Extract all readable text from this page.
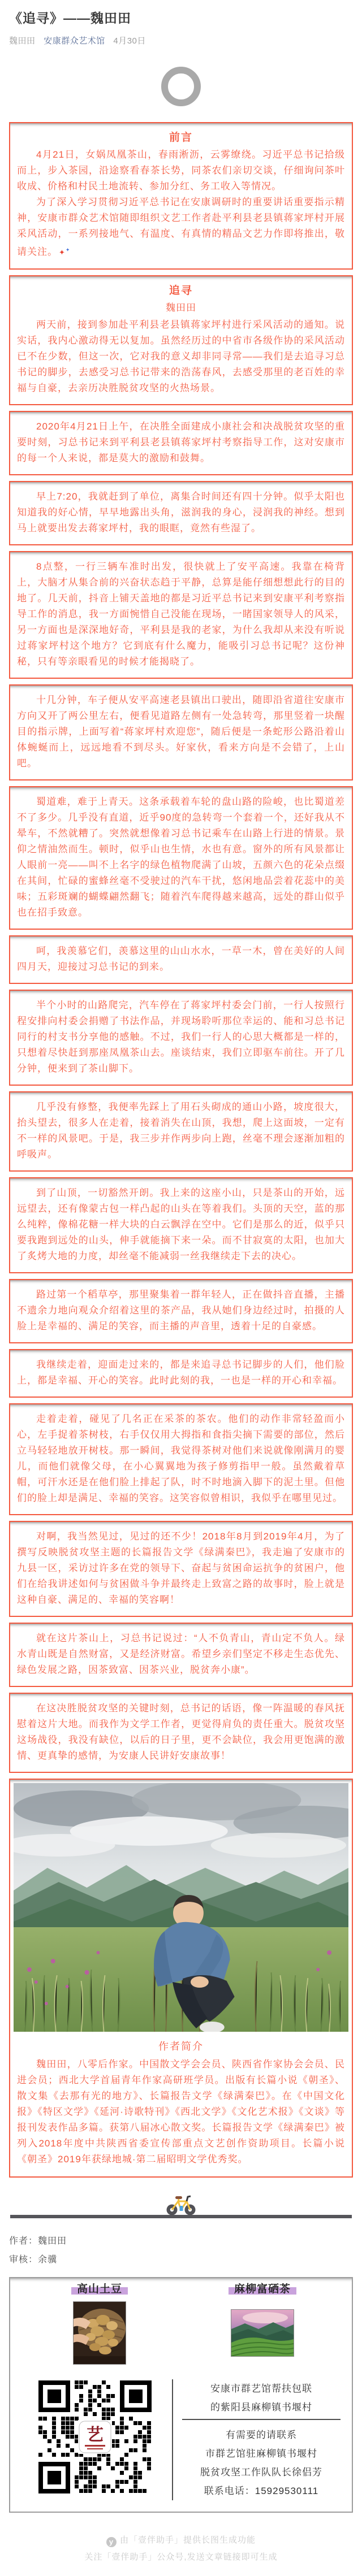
《追寻》——魏田田
魏田田 安康群众艺术馆 4月30日
前言

4月21日，女娲凤凰茶山，春雨淅沥，云雾缭绕。习近平总书记拾级而上，步入茶园，沿途察看春茶长势，同茶农们亲切交谈，仔细询问茶叶收成、价格和村民土地流转、参加分红、务工收入等情况。

为了深入学习贯彻习近平总书记在安康调研时的重要讲话重要指示精神，安康市群众艺术馆随即组织文艺工作者赴平利县老县镇蒋家坪村开展采风活动，一系列接地气、有温度、有真情的精品文艺力作即将推出，敬请关注。 ✦✦

追寻

魏田田

两天前，接到参加赴平利县老县镇蒋家坪村进行采风活动的通知。说实话，我内心激动得无以复加。虽然经历过的中省市各级作协的采风活动已不在少数，但这一次，它对我的意义却非同寻常——我们是去追寻习总书记的脚步，去感受习总书记带来的浩荡春风，去感受那里的老百姓的幸福与自豪，去亲历决胜脱贫攻坚的火热场景。

2020年4月21日上午，在决胜全面建成小康社会和决战脱贫攻坚的重要时刻，习总书记来到平利县老县镇蒋家坪村考察指导工作，这对安康市的每一个人来说，都是莫大的激励和鼓舞。

早上7:20，我就赶到了单位，离集合时间还有四十分钟。似乎太阳也知道我的好心情，早早地露出头角，滋润我的身心，浸润我的神经。想到马上就要出发去蒋家坪村，我的眼眶，竟然有些湿了。

8点整，一行三辆车准时出发，很快就上了安平高速。我靠在椅背上，大脑才从集合前的兴奋状态趋于平静，总算是能仔细想想此行的目的地了。几天前，抖音上铺天盖地的都是习近平总书记来到安康平利考察指导工作的消息，我一方面惋惜自己没能在现场，一睹国家领导人的风采，另一方面也是深深地好奇，平利县是我的老家，为什么我却从来没有听说过蒋家坪村这个地方？它到底有什么魔力，能吸引习总书记呢？这份神秘，只有等亲眼看见的时候才能揭晓了。

十几分钟，车子便从安平高速老县镇出口驶出，随即沿省道往安康市方向又开了两公里左右，便看见道路左侧有一处急转弯，那里竖着一块醒目的指示牌，上面写着“蒋家坪村欢迎您”，随后便是一条蛇形公路沿着山体蜿蜒而上，远远地看不到尽头。好家伙，看来方向是不会错了，上山吧。

蜀道难，难于上青天。这条承载着车轮的盘山路的险峻，也比蜀道差不了多少。几乎没有直道，近乎90度的急转弯一个套着一个，还好我从不晕车，不然就糟了。突然就想像着习总书记乘车在山路上行进的情景。景仰之情油然而生。顿时，似乎山也生情，水也有意。窗外的所有风景都让人眼前一亮——叫不上名字的绿色植物爬满了山坡，五颜六色的花朵点缀在其间，忙碌的蜜蜂丝毫不受驶过的汽车干扰，悠闲地品尝着花蕊中的美味；五彩斑斓的蝴蝶翩然翻飞；随着汽车爬得越来越高，远处的群山似乎也在招手致意。

呵，我羡慕它们，羡慕这里的山山水水，一草一木，曾在美好的人间四月天，迎接过习总书记的到来。

半个小时的山路爬完，汽车停在了蒋家坪村委会门前，一行人按照行程安排向村委会捐赠了书法作品，并现场聆听那位幸运的、能和习总书记同行的村支书分享他的感触。不过，我们一行人的心思大概都是一样的，只想着尽快赶到那座凤凰茶山去。座谈结束，我们立即驱车前往。开了几分钟，便来到了茶山脚下。

几乎没有修整，我便率先踩上了用石头砌成的通山小路，坡度很大，抬头望去，很多人在走着，接着消失在山顶，我想，爬上这面坡，一定有不一样的风景吧。于是，我三步并作两步向上跑，丝毫不理会逐渐加粗的呼吸声。

到了山顶，一切豁然开朗。我上来的这座小山，只是茶山的开始，远远望去，还有像蒙古包一样凸起的山头在等着我们。头顶的天空，蓝的那么纯粹，像棉花糖一样大块的白云飘浮在空中。它们是那么的近，似乎只要我跑到远处的山头，伸手就能摘下来一朵。而不甘寂寞的太阳，也加大了炙烤大地的力度，却丝毫不能减弱一丝我继续走下去的决心。

路过第一个稻草亭，那里聚集着一群年轻人，正在做抖音直播，主播不遗余力地向观众介绍着这里的茶产品，我从她们身边经过时，拍摄的人脸上是幸福的、满足的笑容，而主播的声音里，透着十足的自豪感。

我继续走着，迎面走过来的，都是来追寻总书记脚步的人们，他们脸上，都是幸福、开心的笑容。此时此刻的我，一也是一样的开心和幸福。

走着走着，碰见了几名正在采茶的茶农。他们的动作非常轻盈而小心，左手捉着茶树枝，右手仅仅用大拇指和食指尖摘下需要的部位，然后立马轻轻地放开树枝。那一瞬间，我觉得茶树对他们来说就像刚满月的婴儿，而他们就像父母，在小心翼翼地为孩子修剪指甲一般。虽然戴着草帽，可汗水还是在他们脸上排起了队，时不时地滴入脚下的泥土里。但他们的脸上却是满足、幸福的笑容。这笑容似曾相识，我似乎在哪里见过。

对啊，我当然见过，见过的还不少！2018年8月到2019年4月，为了撰写反映脱贫攻坚主题的长篇报告文学《绿满秦巴》，我走遍了安康市的九县一区，采访过许多在党的领导下、奋起与贫困命运抗争的贫困户，他们在给我讲述如何与贫困做斗争并最终走上致富之路的故事时，脸上就是这种自豪、满足的、幸福的笑容啊！

就在这片茶山上，习总书记说过：“人不负青山，青山定不负人。绿水青山既是自然财富，又是经济财富。希望乡亲们坚定不移走生态优先、绿色发展之路，因茶致富、因茶兴业，脱贫奔小康”。

在这决胜脱贫攻坚的关键时刻，总书记的话语，像一阵温暖的春风抚慰着这片大地。而我作为文学工作者，更觉得肩负的责任重大。脱贫攻坚这场战役，我没有缺位，以后的日子里，更不会缺位，我会用更饱满的激情、更真挚的感情，为安康人民讲好安康故事！

作者简介

魏田田，八零后作家。中国散文学会会员、陕西省作家协会会员、民进会员；西北大学首届青年作家高研班学员。出版有长篇小说《朝圣》、散文集《去那有光的地方》、长篇报告文学《绿满秦巴》。在《中国文化报》《特区文学》《延河·诗歌特刊》《西北文学》《文化艺术报》《文谈》等报刊发表作品多篇。获第八届冰心散文奖。长篇报告文学《绿满秦巴》被列入2018年度中共陕西省委宣传部重点文艺创作资助项目。长篇小说《朝圣》2019年获绿地城·第二届昭明文学优秀奖。

作者：魏田田
审核：余骥
高山土豆	麻柳富硒茶
艺
安康市群艺馆帮扶包联
的紫阳县麻柳镇书堰村
有需要的请联系
市群艺馆驻麻柳镇书堰村
脱贫攻坚工作队队长徐侣芳
联系电话：15929530111
y 由「壹伴助手」提供长图生成功能
关注「壹伴助手」公众号,发送文章链接即可生成
